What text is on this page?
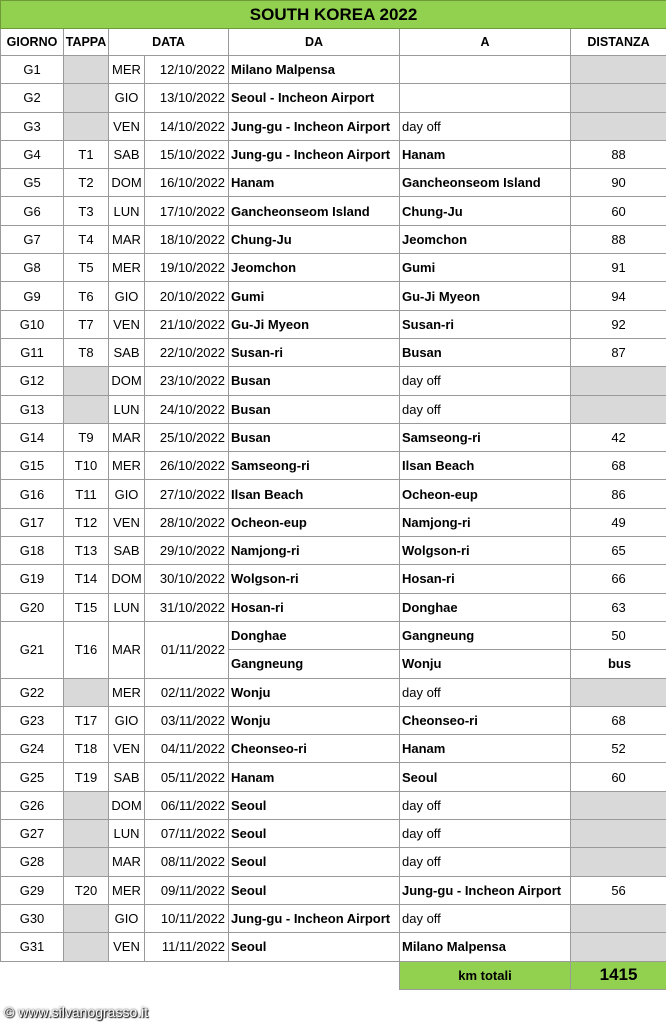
SOUTH KOREA 2022						
GIORNO	TAPPA	DATA		DA	A	DISTANZA
G1		MER	12/10/2022	Milano Malpensa		
G2		GIO	13/10/2022	Seoul - Incheon Airport		
G3		VEN	14/10/2022	Jung-gu - Incheon Airport	day off	
G4	T1	SAB	15/10/2022	Jung-gu - Incheon Airport	Hanam	88
G5	T2	DOM	16/10/2022	Hanam	Gancheonseom Island	90
G6	T3	LUN	17/10/2022	Gancheonseom Island	Chung-Ju	60
G7	T4	MAR	18/10/2022	Chung-Ju	Jeomchon	88
G8	T5	MER	19/10/2022	Jeomchon	Gumi	91
G9	T6	GIO	20/10/2022	Gumi	Gu-Ji Myeon	94
G10	T7	VEN	21/10/2022	Gu-Ji Myeon	Susan-ri	92
G11	T8	SAB	22/10/2022	Susan-ri	Busan	87
G12		DOM	23/10/2022	Busan	day off	
G13		LUN	24/10/2022	Busan	day off	
G14	T9	MAR	25/10/2022	Busan	Samseong-ri	42
G15	T10	MER	26/10/2022	Samseong-ri	Ilsan Beach	68
G16	T11	GIO	27/10/2022	Ilsan Beach	Ocheon-eup	86
G17	T12	VEN	28/10/2022	Ocheon-eup	Namjong-ri	49
G18	T13	SAB	29/10/2022	Namjong-ri	Wolgson-ri	65
G19	T14	DOM	30/10/2022	Wolgson-ri	Hosan-ri	66
G20	T15	LUN	31/10/2022	Hosan-ri	Donghae	63
G21	T16	MAR	01/11/2022	Donghae	Gangneung	50
				Gangneung	Wonju	bus
G22		MER	02/11/2022	Wonju	day off	
G23	T17	GIO	03/11/2022	Wonju	Cheonseo-ri	68
G24	T18	VEN	04/11/2022	Cheonseo-ri	Hanam	52
G25	T19	SAB	05/11/2022	Hanam	Seoul	60
G26		DOM	06/11/2022	Seoul	day off	
G27		LUN	07/11/2022	Seoul	day off	
G28		MAR	08/11/2022	Seoul	day off	
G29	T20	MER	09/11/2022	Seoul	Jung-gu - Incheon Airport	56
G30		GIO	10/11/2022	Jung-gu - Incheon Airport	day off	
G31		VEN	11/11/2022	Seoul	Milano Malpensa	
					km totali	1415
© www.silvanograsso.it
